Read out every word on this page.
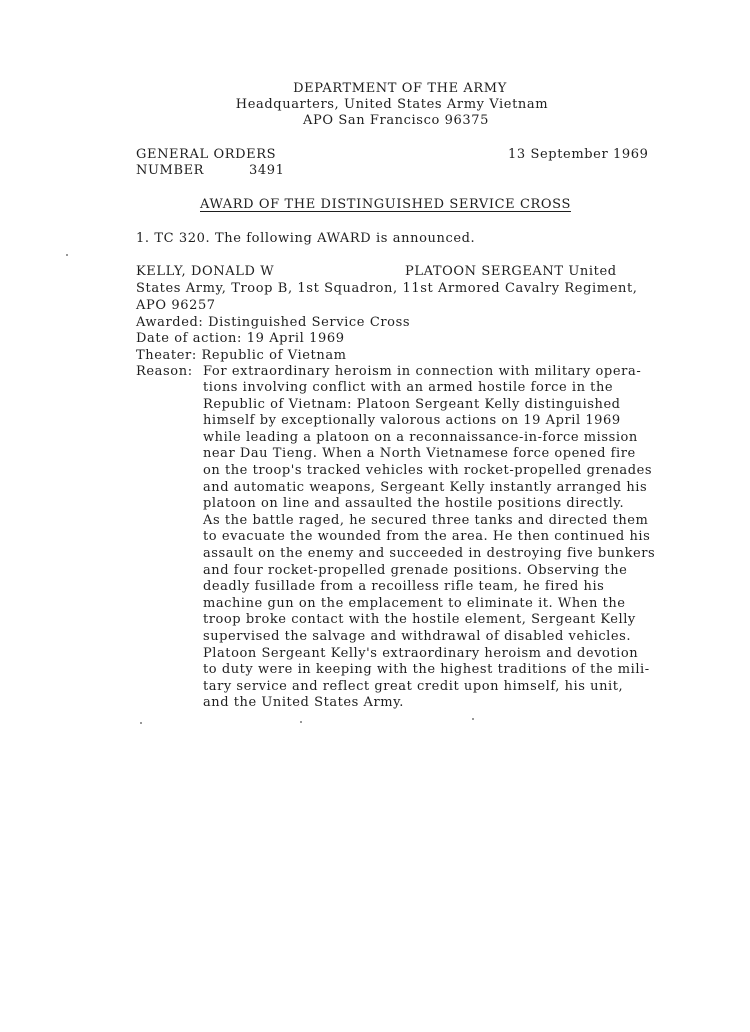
DEPARTMENT OF THE ARMY
Headquarters, United States Army Vietnam
APO San Francisco 96375
GENERAL ORDERS	13 September 1969
NUMBER	3491
AWARD OF THE DISTINGUISHED SERVICE CROSS
1. TC 320. The following AWARD is announced.
KELLY, DONALD W	PLATOON SERGEANT United
States Army, Troop B, 1st Squadron, 11st Armored Cavalry Regiment,
APO 96257
Awarded: Distinguished Service Cross
Date of action: 19 April 1969
Theater: Republic of Vietnam
Reason: For extraordinary heroism in connection with military opera-
tions involving conflict with an armed hostile force in the
Republic of Vietnam: Platoon Sergeant Kelly distinguished
himself by exceptionally valorous actions on 19 April 1969
while leading a platoon on a reconnaissance-in-force mission
near Dau Tieng. When a North Vietnamese force opened fire
on the troop's tracked vehicles with rocket-propelled grenades
and automatic weapons, Sergeant Kelly instantly arranged his
platoon on line and assaulted the hostile positions directly.
As the battle raged, he secured three tanks and directed them
to evacuate the wounded from the area. He then continued his
assault on the enemy and succeeded in destroying five bunkers
and four rocket-propelled grenade positions. Observing the
deadly fusillade from a recoilless rifle team, he fired his
machine gun on the emplacement to eliminate it. When the
troop broke contact with the hostile element, Sergeant Kelly
supervised the salvage and withdrawal of disabled vehicles.
Platoon Sergeant Kelly's extraordinary heroism and devotion
to duty were in keeping with the highest traditions of the mili-
tary service and reflect great credit upon himself, his unit,
and the United States Army.
